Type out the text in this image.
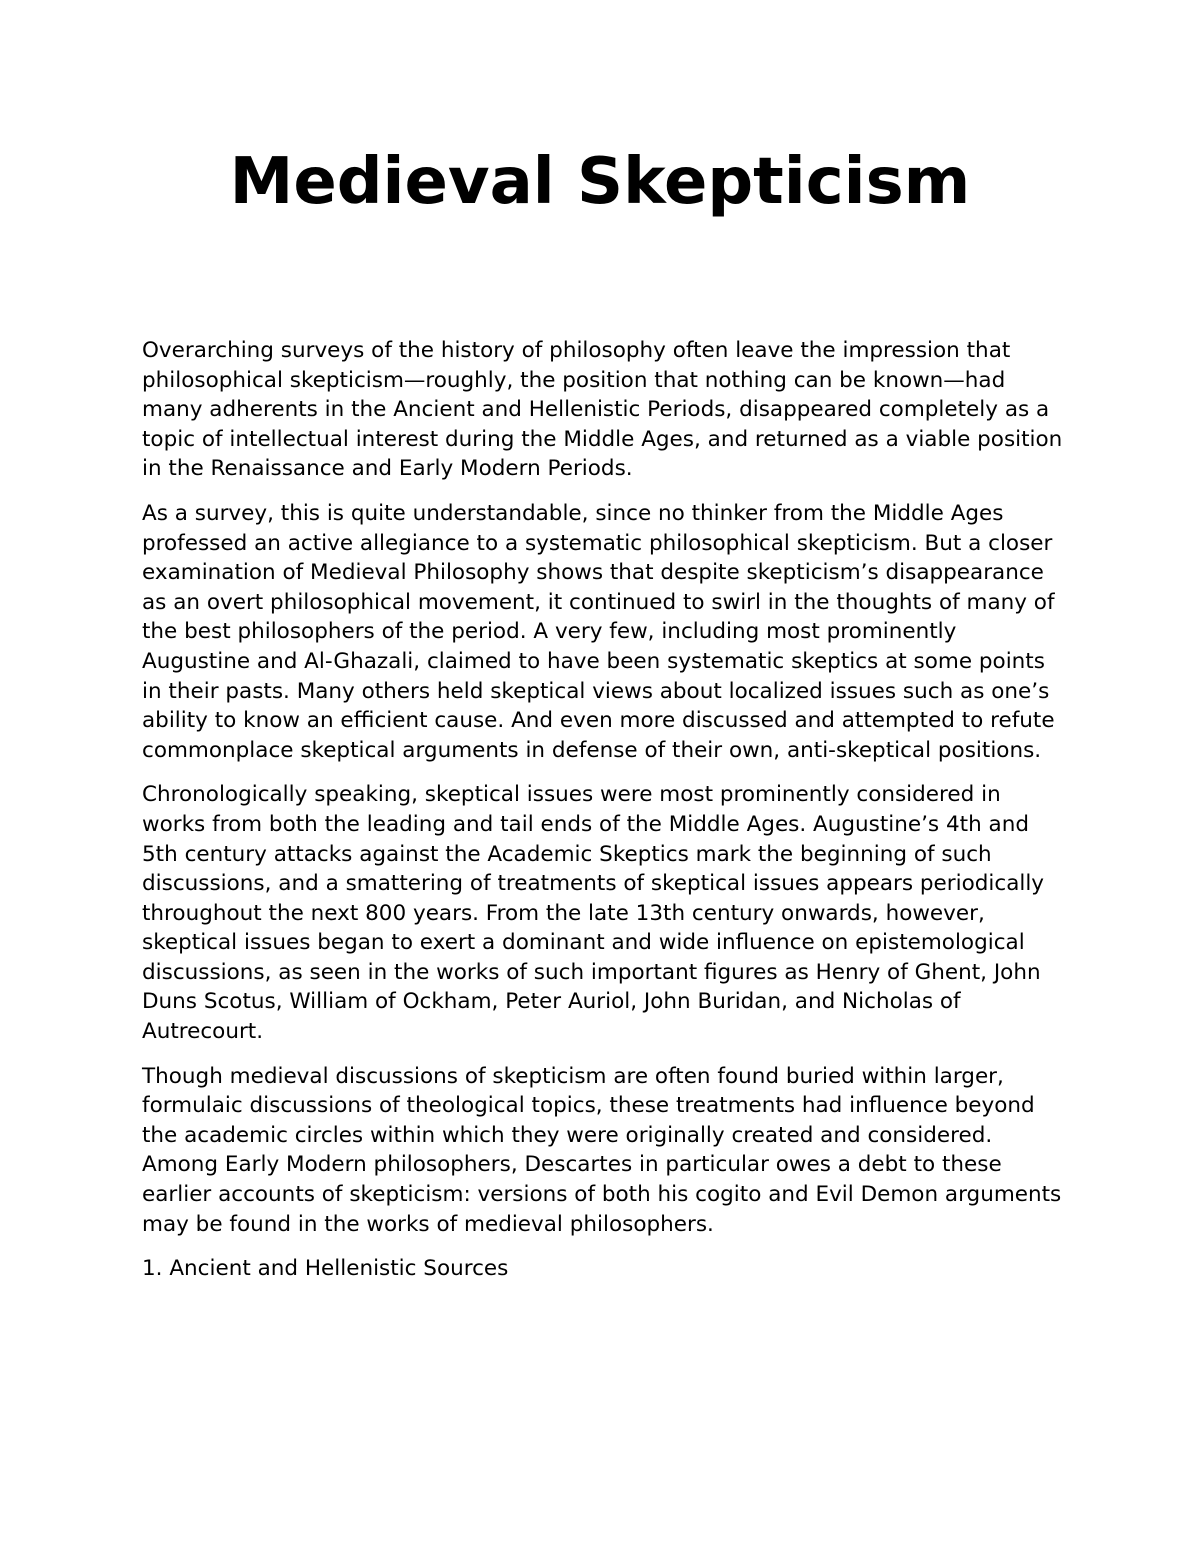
Medieval Skepticism

Overarching surveys of the history of philosophy often leave the impression that philosophical skepticism—roughly, the position that nothing can be known—had many adherents in the Ancient and Hellenistic Periods, disappeared completely as a topic of intellectual interest during the Middle Ages, and returned as a viable position in the Renaissance and Early Modern Periods.

As a survey, this is quite understandable, since no thinker from the Middle Ages professed an active allegiance to a systematic philosophical skepticism. But a closer examination of Medieval Philosophy shows that despite skepticism’s disappearance as an overt philosophical movement, it continued to swirl in the thoughts of many of the best philosophers of the period. A very few, including most prominently Augustine and Al-Ghazali, claimed to have been systematic skeptics at some points in their pasts. Many others held skeptical views about localized issues such as one’s ability to know an efficient cause. And even more discussed and attempted to refute commonplace skeptical arguments in defense of their own, anti-skeptical positions.

Chronologically speaking, skeptical issues were most prominently considered in works from both the leading and tail ends of the Middle Ages. Augustine’s 4th and 5th century attacks against the Academic Skeptics mark the beginning of such discussions, and a smattering of treatments of skeptical issues appears periodically throughout the next 800 years. From the late 13th century onwards, however, skeptical issues began to exert a dominant and wide influence on epistemological discussions, as seen in the works of such important figures as Henry of Ghent, John Duns Scotus, William of Ockham, Peter Auriol, John Buridan, and Nicholas of Autrecourt.

Though medieval discussions of skepticism are often found buried within larger, formulaic discussions of theological topics, these treatments had influence beyond the academic circles within which they were originally created and considered. Among Early Modern philosophers, Descartes in particular owes a debt to these earlier accounts of skepticism: versions of both his cogito and Evil Demon arguments may be found in the works of medieval philosophers.

1. Ancient and Hellenistic Sources
